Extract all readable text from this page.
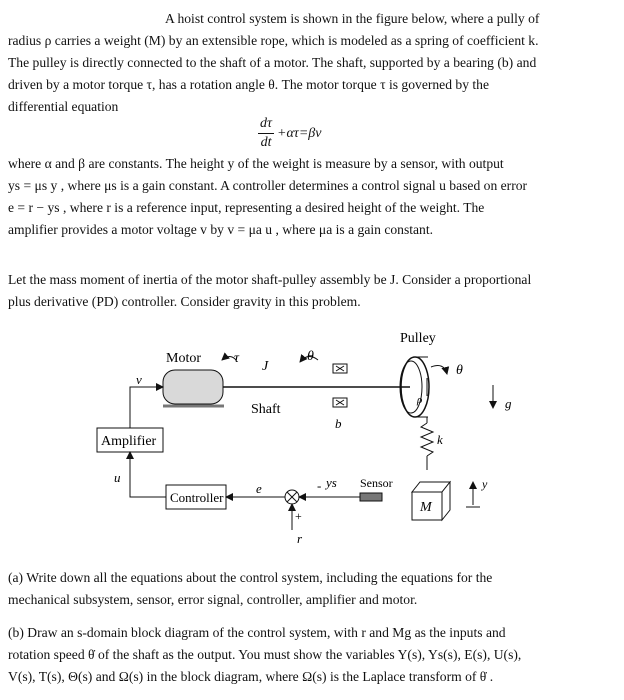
A hoist control system is shown in the figure below, where a pully of

radius ρ carries a weight (M) by an extensible rope, which is modeled as a spring of coefficient k.

The pulley is directly connected to the shaft of a motor. The shaft, supported by a bearing (b) and

driven by a motor torque τ, has a rotation angle θ. The motor torque τ is governed by the

differential equation

$\frac{d\tau}{dt} +\alpha\tau=\beta v$

where α and β are constants. The height y of the weight is measure by a sensor, with output

ys = μs y , where μs is a gain constant. A controller determines a control signal u based on error

e = r − ys , where r is a reference input, representing a desired height of the weight. The

amplifier provides a motor voltage v by v = μa u , where μa is a gain constant.

Let the mass moment of inertia of the motor shaft-pulley assembly be J. Consider a proportional

plus derivative (PD) controller. Consider gravity in this problem.

Pulley
Motor τ
J
θ
θ
v
Shaft
b
g
ρ
k
Amplifier
u
e	- ys Sensor
Controller
+
r
M
y

(a) Write down all the equations about the control system, including the equations for the

mechanical subsystem, sensor, error signal, controller, amplifier and motor.

(b) Draw an s-domain block diagram of the control system, with r and Mg as the inputs and

rotation speed θ̇ of the shaft as the output. You must show the variables Y(s), Ys(s), E(s), U(s),

V(s), T(s), Θ(s) and Ω(s) in the block diagram, where Ω(s) is the Laplace transform of θ̇ .
